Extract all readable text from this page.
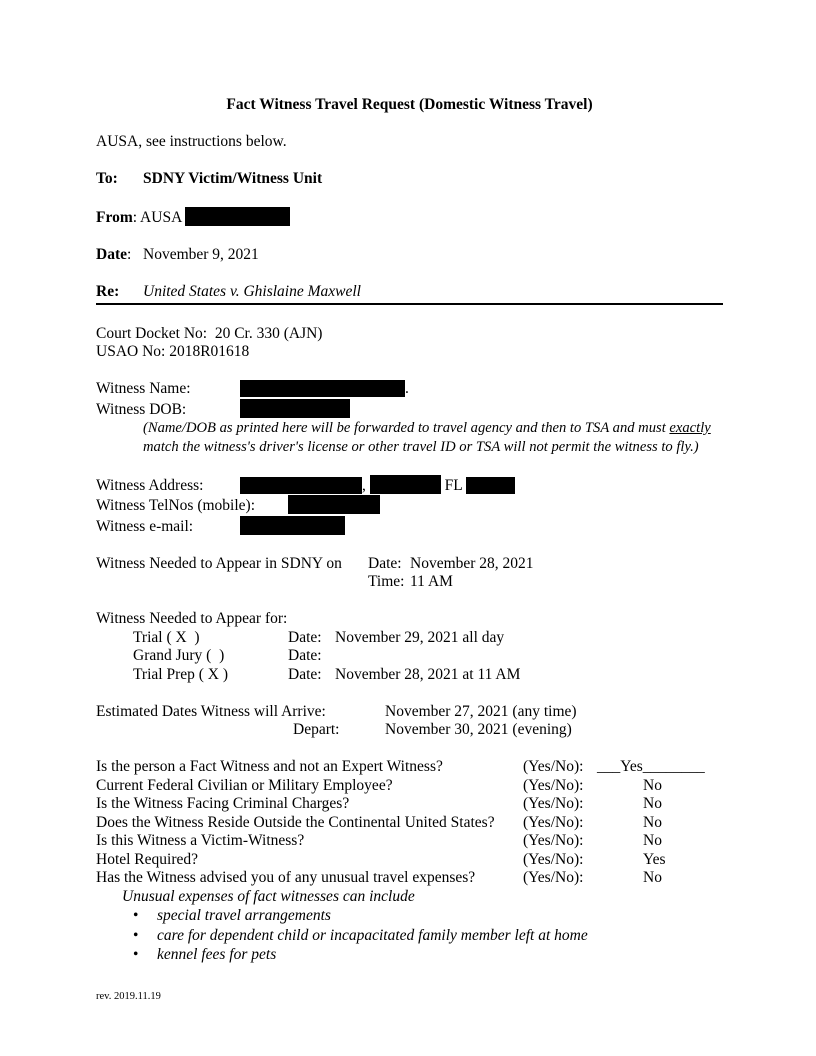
Fact Witness Travel Request (Domestic Witness Travel)
AUSA, see instructions below.
To: SDNY Victim/Witness Unit
From: AUSA
Date: November 9, 2021
Re: United States v. Ghislaine Maxwell
Court Docket No:  20 Cr. 330 (AJN)
USAO No: 2018R01618
Witness Name:	.
Witness DOB:
(Name/DOB as printed here will be forwarded to travel agency and then to TSA and must exactly
match the witness's driver's license or other travel ID or TSA will not permit the witness to fly.)
Witness Address:	,	FL
Witness TelNos (mobile):
Witness e-mail:
Witness Needed to Appear in SDNY on Date: November 28, 2021
Time: 11 AM
Witness Needed to Appear for:
Trial ( X  )	Date: November 29, 2021 all day
Grand Jury (  )	Date:
Trial Prep ( X )	Date: November 28, 2021 at 11 AM
Estimated Dates Witness will Arrive:	November 27, 2021 (any time)
Depart:	November 30, 2021 (evening)
Is the person a Fact Witness and not an Expert Witness?	(Yes/No): ___Yes________
Current Federal Civilian or Military Employee?	(Yes/No):	No
Is the Witness Facing Criminal Charges?	(Yes/No):	No
Does the Witness Reside Outside the Continental United States?	(Yes/No):	No
Is this Witness a Victim-Witness?	(Yes/No):	No
Hotel Required?	(Yes/No):	Yes
Has the Witness advised you of any unusual travel expenses?	(Yes/No):	No
Unusual expenses of fact witnesses can include
•	special travel arrangements
•	care for dependent child or incapacitated family member left at home
•	kennel fees for pets
rev. 2019.11.19
